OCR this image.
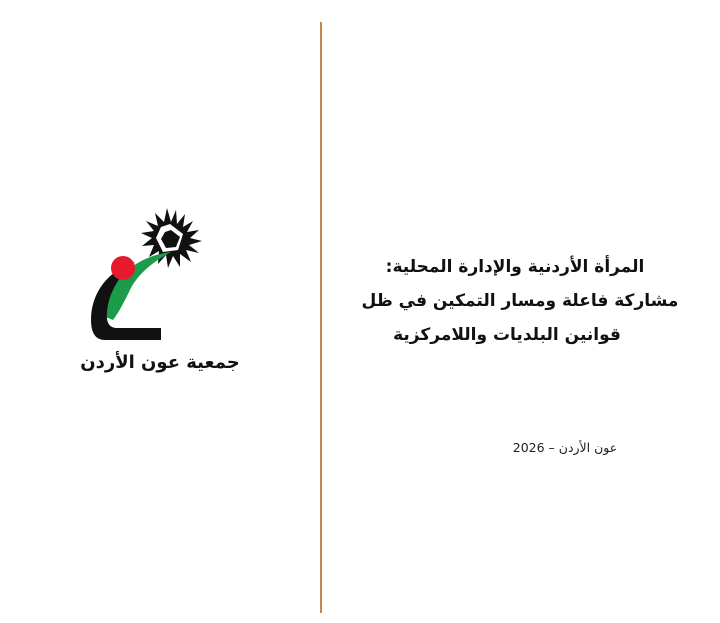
جمعية عون الأردن
المرأة الأردنية والإدارة المحلية:
مشاركة فاعلة ومسار التمكين في ظل
قوانين البلديات واللامركزية
عون الأردن – 2026
